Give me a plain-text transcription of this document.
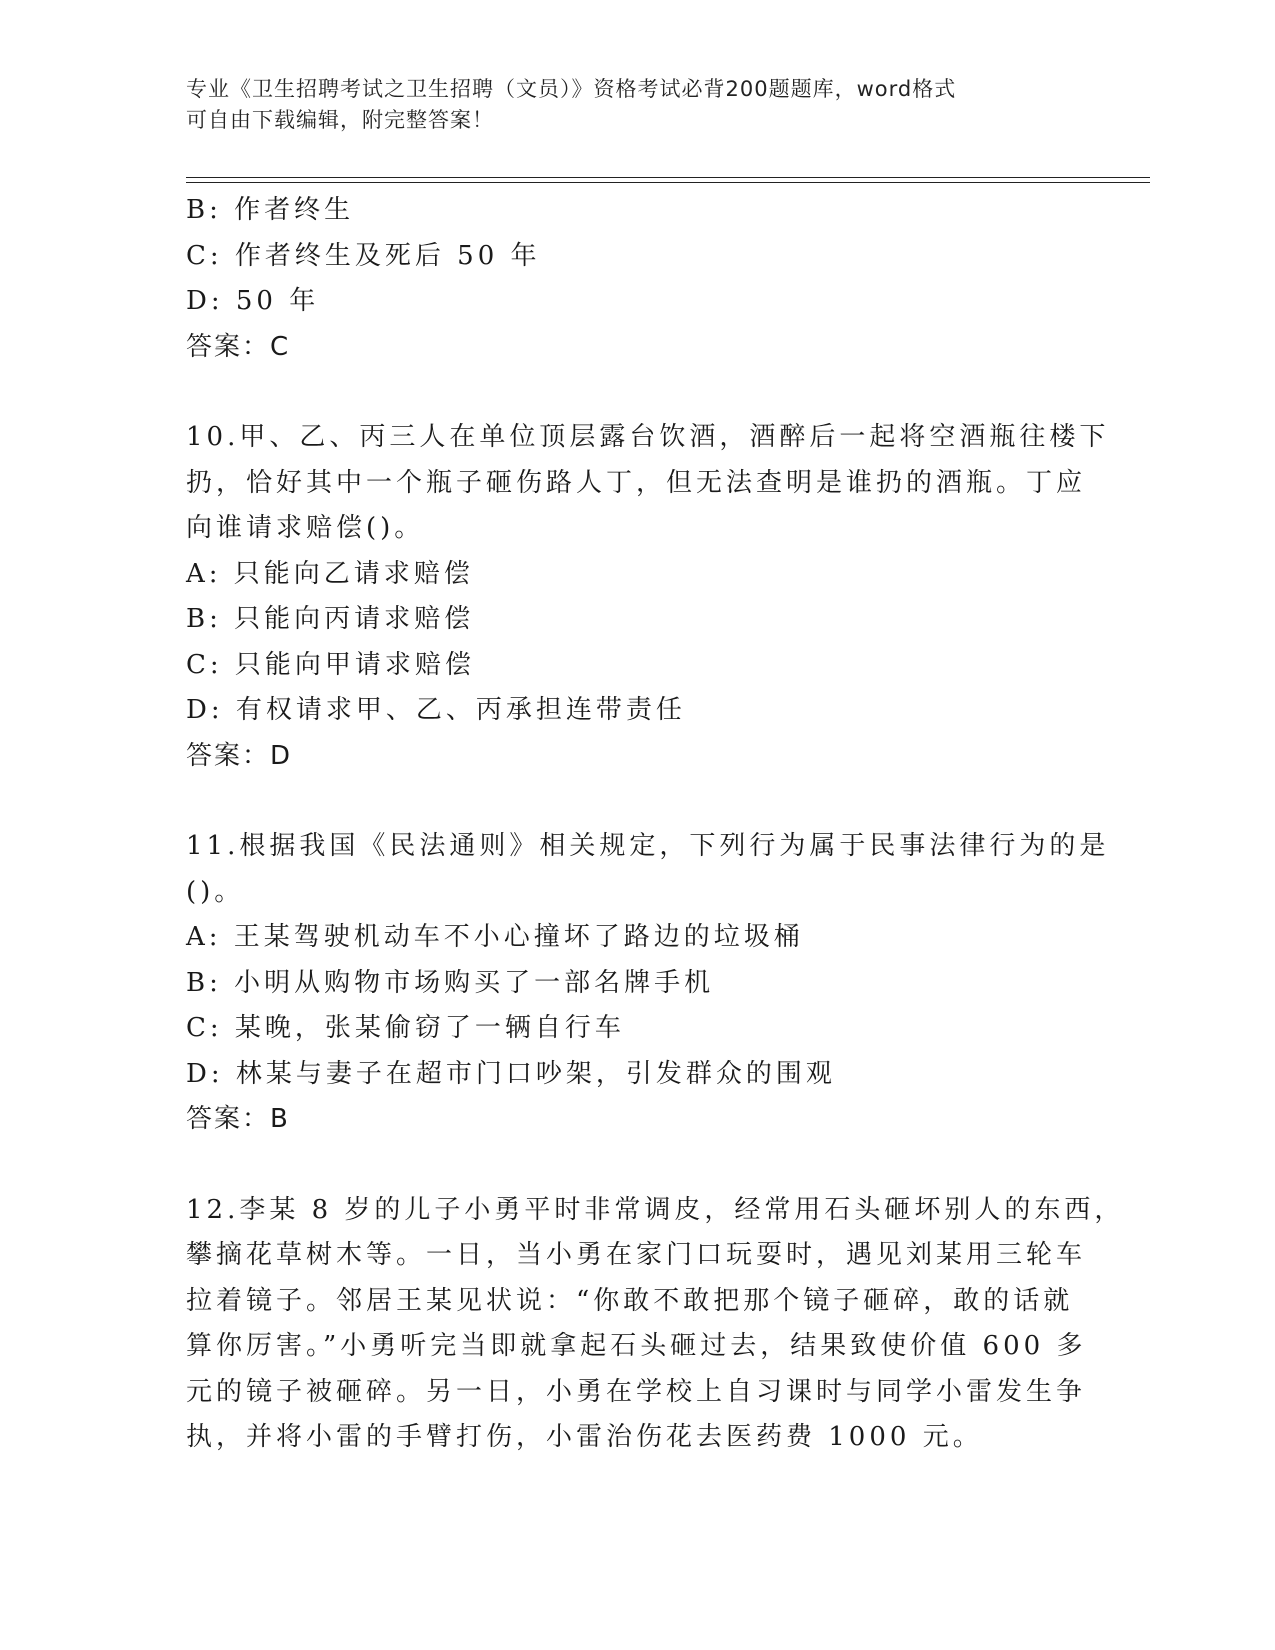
专业《卫生招聘考试之卫生招聘（文员）》资格考试必背200题题库，word格式
可自由下载编辑，附完整答案！
B: 作者终生
C: 作者终生及死后 50 年
D: 50 年
答案：C
10.甲、乙、丙三人在单位顶层露台饮酒，酒醉后一起将空酒瓶往楼下
扔，恰好其中一个瓶子砸伤路人丁，但无法查明是谁扔的酒瓶。丁应
向谁请求赔偿()。
A: 只能向乙请求赔偿
B: 只能向丙请求赔偿
C: 只能向甲请求赔偿
D: 有权请求甲、乙、丙承担连带责任
答案：D
11.根据我国《民法通则》相关规定，下列行为属于民事法律行为的是
()。
A: 王某驾驶机动车不小心撞坏了路边的垃圾桶
B: 小明从购物市场购买了一部名牌手机
C: 某晚，张某偷窃了一辆自行车
D: 林某与妻子在超市门口吵架，引发群众的围观
答案：B
12.李某 8 岁的儿子小勇平时非常调皮，经常用石头砸坏别人的东西，
攀摘花草树木等。一日，当小勇在家门口玩耍时，遇见刘某用三轮车
拉着镜子。邻居王某见状说：“你敢不敢把那个镜子砸碎，敢的话就
算你厉害。”小勇听完当即就拿起石头砸过去，结果致使价值 600 多
元的镜子被砸碎。另一日，小勇在学校上自习课时与同学小雷发生争
执，并将小雷的手臂打伤，小雷治伤花去医药费 1000 元。
